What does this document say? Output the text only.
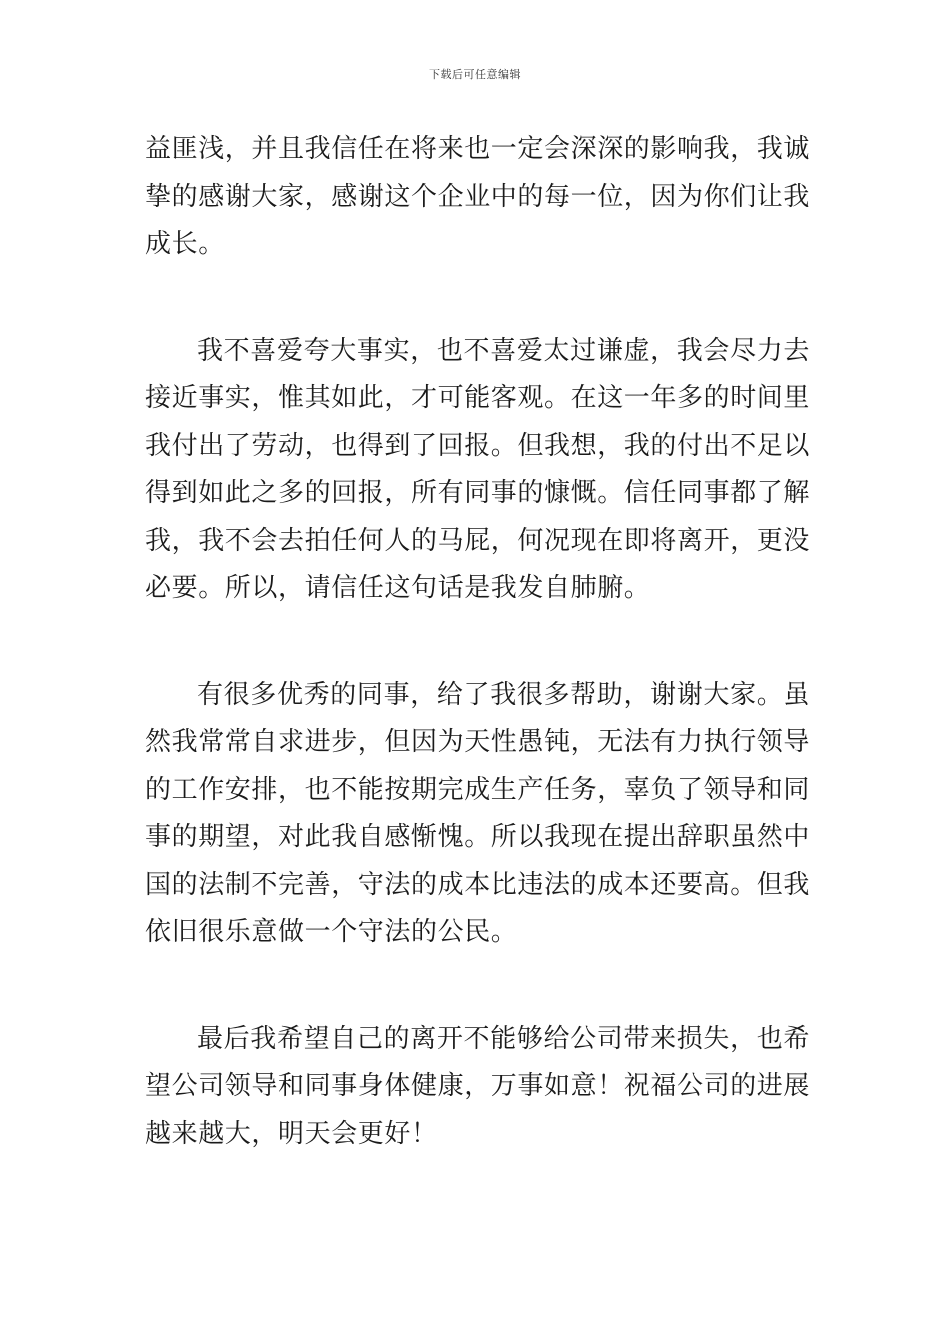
下载后可任意编辑

益匪浅，并且我信任在将来也一定会深深的影响我，我诚挚的感谢大家，感谢这个企业中的每一位，因为你们让我成长。

我不喜爱夸大事实，也不喜爱太过谦虚，我会尽力去接近事实，惟其如此，才可能客观。在这一年多的时间里我付出了劳动，也得到了回报。但我想，我的付出不足以得到如此之多的回报，所有同事的慷慨。信任同事都了解我，我不会去拍任何人的马屁，何况现在即将离开，更没必要。所以，请信任这句话是我发自肺腑。

有很多优秀的同事，给了我很多帮助，谢谢大家。虽然我常常自求进步，但因为天性愚钝，无法有力执行领导的工作安排，也不能按期完成生产任务，辜负了领导和同事的期望，对此我自感惭愧。所以我现在提出辞职虽然中国的法制不完善，守法的成本比违法的成本还要高。但我依旧很乐意做一个守法的公民。

最后我希望自己的离开不能够给公司带来损失，也希望公司领导和同事身体健康，万事如意！祝福公司的进展越来越大，明天会更好！
